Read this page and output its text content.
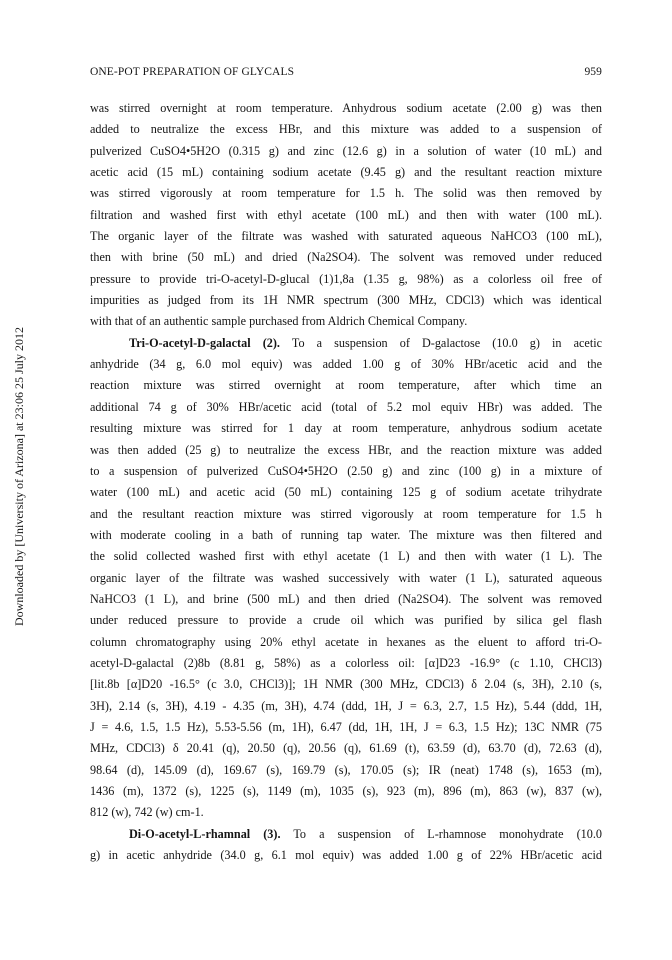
ONE-POT PREPARATION OF GLYCALS	959
Downloaded by [University of Arizona] at 23:06 25 July 2012
was stirred overnight at room temperature. Anhydrous sodium acetate (2.00 g) was then
added to neutralize the excess HBr, and this mixture was added to a suspension of
pulverized CuSO4•5H2O (0.315 g) and zinc (12.6 g) in a solution of water (10 mL) and
acetic acid (15 mL) containing sodium acetate (9.45 g) and the resultant reaction mixture
was stirred vigorously at room temperature for 1.5 h. The solid was then removed by
filtration and washed first with ethyl acetate (100 mL) and then with water (100 mL).
The organic layer of the filtrate was washed with saturated aqueous NaHCO3 (100 mL),
then with brine (50 mL) and dried (Na2SO4). The solvent was removed under reduced
pressure to provide tri-O-acetyl-D-glucal (1)1,8a (1.35 g, 98%) as a colorless oil free of
impurities as judged from its 1H NMR spectrum (300 MHz, CDCl3) which was identical
with that of an authentic sample purchased from Aldrich Chemical Company.
Tri-O-acetyl-D-galactal (2). To a suspension of D-galactose (10.0 g) in acetic
anhydride (34 g, 6.0 mol equiv) was added 1.00 g of 30% HBr/acetic acid and the
reaction mixture was stirred overnight at room temperature, after which time an
additional 74 g of 30% HBr/acetic acid (total of 5.2 mol equiv HBr) was added. The
resulting mixture was stirred for 1 day at room temperature, anhydrous sodium acetate
was then added (25 g) to neutralize the excess HBr, and the reaction mixture was added
to a suspension of pulverized CuSO4•5H2O (2.50 g) and zinc (100 g) in a mixture of
water (100 mL) and acetic acid (50 mL) containing 125 g of sodium acetate trihydrate
and the resultant reaction mixture was stirred vigorously at room temperature for 1.5 h
with moderate cooling in a bath of running tap water. The mixture was then filtered and
the solid collected washed first with ethyl acetate (1 L) and then with water (1 L). The
organic layer of the filtrate was washed successively with water (1 L), saturated aqueous
NaHCO3 (1 L), and brine (500 mL) and then dried (Na2SO4). The solvent was removed
under reduced pressure to provide a crude oil which was purified by silica gel flash
column chromatography using 20% ethyl acetate in hexanes as the eluent to afford tri-O-
acetyl-D-galactal (2)8b (8.81 g, 58%) as a colorless oil: [α]D23 -16.9° (c 1.10, CHCl3)
[lit.8b [α]D20 -16.5° (c 3.0, CHCl3)]; 1H NMR (300 MHz, CDCl3) δ 2.04 (s, 3H), 2.10 (s,
3H), 2.14 (s, 3H), 4.19 - 4.35 (m, 3H), 4.74 (ddd, 1H, J = 6.3, 2.7, 1.5 Hz), 5.44 (ddd, 1H,
J = 4.6, 1.5, 1.5 Hz), 5.53-5.56 (m, 1H), 6.47 (dd, 1H, 1H, J = 6.3, 1.5 Hz); 13C NMR (75
MHz, CDCl3) δ 20.41 (q), 20.50 (q), 20.56 (q), 61.69 (t), 63.59 (d), 63.70 (d), 72.63 (d),
98.64 (d), 145.09 (d), 169.67 (s), 169.79 (s), 170.05 (s); IR (neat) 1748 (s), 1653 (m),
1436 (m), 1372 (s), 1225 (s), 1149 (m), 1035 (s), 923 (m), 896 (m), 863 (w), 837 (w),
812 (w), 742 (w) cm-1.
Di-O-acetyl-L-rhamnal (3). To a suspension of L-rhamnose monohydrate (10.0
g) in acetic anhydride (34.0 g, 6.1 mol equiv) was added 1.00 g of 22% HBr/acetic acid
